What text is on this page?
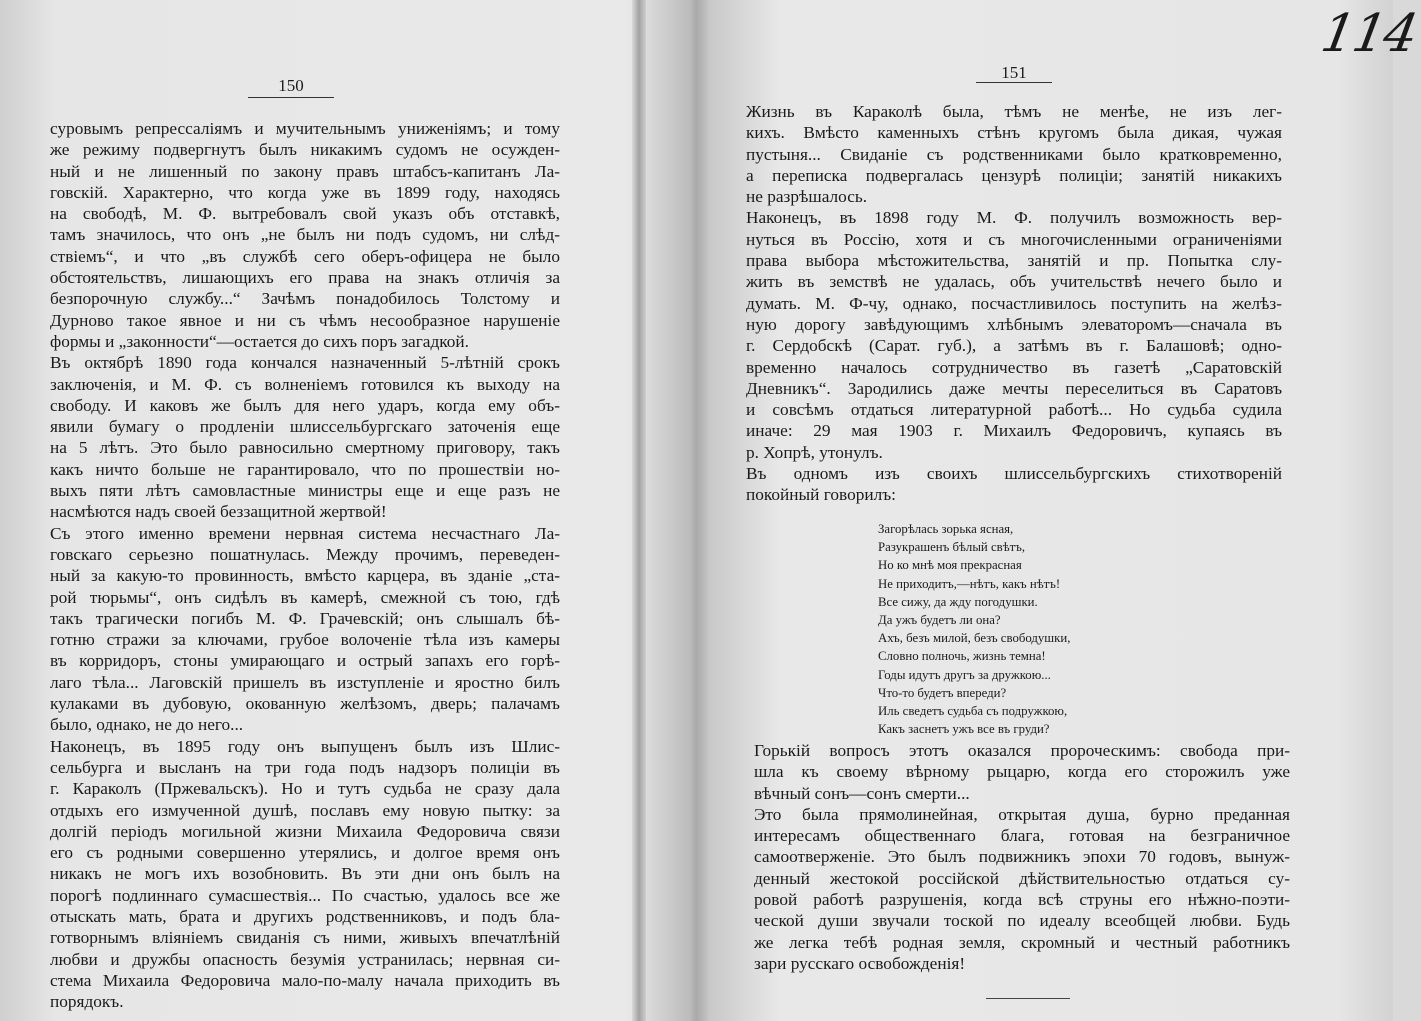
150
суровымъ репрессаліямъ и мучительнымъ униженіямъ; и тому
же режиму подвергнутъ былъ никакимъ судомъ не осужден-
ный и не лишенный по закону правъ штабсъ-капитанъ Ла-
говскій. Характерно, что когда уже въ 1899 году, находясь
на свободѣ, М. Ф. вытребовалъ свой указъ объ отставкѣ,
тамъ значилось, что онъ „не былъ ни подъ судомъ, ни слѣд-
ствіемъ“, и что „въ службѣ сего оберъ-офицера не было
обстоятельствъ, лишающихъ его права на знакъ отличія за
безпорочную службу...“ Зачѣмъ понадобилось Толстому и
Дурново такое явное и ни съ чѣмъ несообразное нарушеніе
формы и „законности“—остается до сихъ поръ загадкой.
Въ октябрѣ 1890 года кончался назначенный 5-лѣтній срокъ
заключенія, и М. Ф. съ волненіемъ готовился къ выходу на
свободу. И каковъ же былъ для него ударъ, когда ему объ-
явили бумагу о продленіи шлиссельбургскаго заточенія еще
на 5 лѣтъ. Это было равносильно смертному приговору, такъ
какъ ничто больше не гарантировало, что по прошествіи но-
выхъ пяти лѣтъ самовластные министры еще и еще разъ не
насмѣются надъ своей беззащитной жертвой!
Съ этого именно времени нервная система несчастнаго Ла-
говскаго серьезно пошатнулась. Между прочимъ, переведен-
ный за какую-то провинность, вмѣсто карцера, въ зданіе „ста-
рой тюрьмы“, онъ сидѣлъ въ камерѣ, смежной съ тою, гдѣ
такъ трагически погибъ М. Ф. Грачевскій; онъ слышалъ бѣ-
готню стражи за ключами, грубое волоченіе тѣла изъ камеры
въ корридоръ, стоны умирающаго и острый запахъ его горѣ-
лаго тѣла... Лаговскій пришелъ въ изступленіе и яростно билъ
кулаками въ дубовую, окованную желѣзомъ, дверь; палачамъ
было, однако, не до него...
Наконецъ, въ 1895 году онъ выпущенъ былъ изъ Шлис-
сельбурга и высланъ на три года подъ надзоръ полиціи въ
г. Караколъ (Пржевальскъ). Но и тутъ судьба не сразу дала
отдыхъ его измученной душѣ, пославъ ему новую пытку: за
долгій періодъ могильной жизни Михаила Федоровича связи
его съ родными совершенно утерялись, и долгое время онъ
никакъ не могъ ихъ возобновить. Въ эти дни онъ былъ на
порогѣ подлиннаго сумасшествія... По счастью, удалось все же
отыскать мать, брата и другихъ родственниковъ, и подъ бла-
готворнымъ вліяніемъ свиданія съ ними, живыхъ впечатлѣній
любви и дружбы опасность безумія устранилась; нервная си-
стема Михаила Федоровича мало-по-малу начала приходить въ
порядокъ.
151
Жизнь въ Караколѣ была, тѣмъ не менѣе, не изъ лег-
кихъ. Вмѣсто каменныхъ стѣнъ кругомъ была дикая, чужая
пустыня... Свиданіе съ родственниками было кратковременно,
а переписка подвергалась цензурѣ полиціи; занятій никакихъ
не разрѣшалось.
Наконецъ, въ 1898 году М. Ф. получилъ возможность вер-
нуться въ Россію, хотя и съ многочисленными ограниченіями
права выбора мѣстожительства, занятій и пр. Попытка слу-
жить въ земствѣ не удалась, объ учительствѣ нечего было и
думать. М. Ф-чу, однако, посчастливилось поступить на желѣз-
ную дорогу завѣдующимъ хлѣбнымъ элеваторомъ—сначала въ
г. Сердобскѣ (Сарат. губ.), а затѣмъ въ г. Балашовѣ; одно-
временно началось сотрудничество въ газетѣ „Саратовскій
Дневникъ“. Зародились даже мечты переселиться въ Саратовъ
и совсѣмъ отдаться литературной работѣ... Но судьба судила
иначе: 29 мая 1903 г. Михаилъ Федоровичъ, купаясь въ
р. Хопрѣ, утонулъ.
Въ одномъ изъ своихъ шлиссельбургскихъ стихотвореній
покойный говорилъ:
Загорѣлась зорька ясная,
Разукрашенъ бѣлый свѣтъ,
Но ко мнѣ моя прекрасная
Не приходитъ,—нѣтъ, какъ нѣтъ!
Все сижу, да жду погодушки.
Да ужъ будетъ ли она?
Ахъ, безъ милой, безъ свободушки,
Словно полночь, жизнь темна!
Годы идутъ другъ за дружкою...
Что-то будетъ впереди?
Иль сведетъ судьба съ подружкою,
Какъ заснетъ ужъ все въ груди?
Горькій вопросъ этотъ оказался пророческимъ: свобода при-
шла къ своему вѣрному рыцарю, когда его сторожилъ уже
вѣчный сонъ—сонъ смерти...
Это была прямолинейная, открытая душа, бурно преданная
интересамъ общественнаго блага, готовая на безграничное
самоотверженіе. Это былъ подвижникъ эпохи 70 годовъ, вынуж-
денный жестокой россійской дѣйствительностью отдаться су-
ровой работѣ разрушенія, когда всѣ струны его нѣжно-поэти-
ческой души звучали тоской по идеалу всеобщей любви. Будь
же легка тебѣ родная земля, скромный и честный работникъ
зари русскаго освобожденія!
114
